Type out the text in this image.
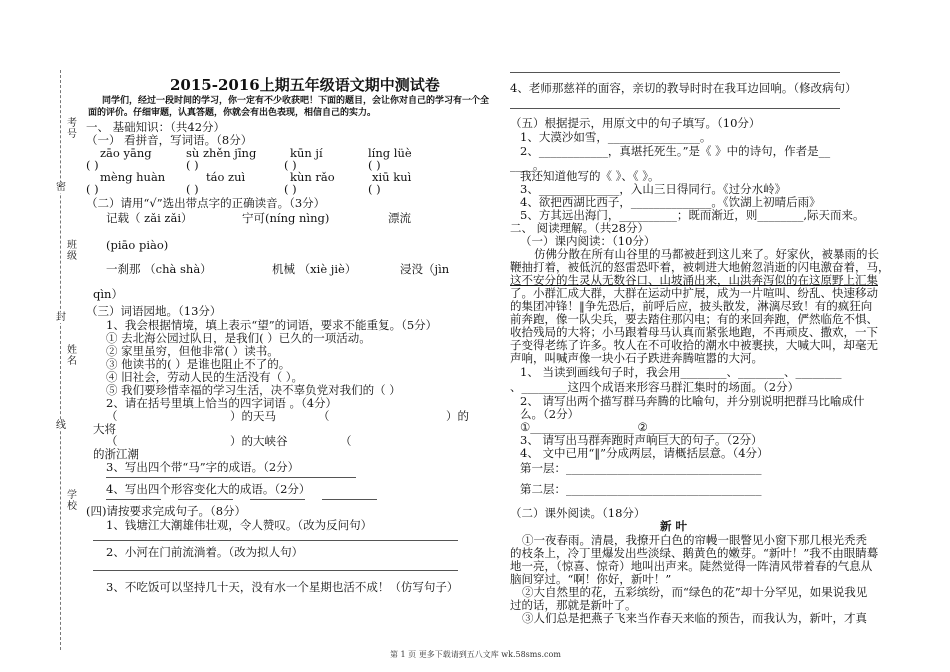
考号
密
班级
封
姓名
线
学校
2015-2016上期五年级语文期中测试卷
同学们，经过一段时间的学习，你一定有不少收获吧！下面的题目，会让你对自己的学习有一个全
面的评价。仔细审题，认真答题，你就会有出色表现，相信自己的实力。
一、 基础知识：（共42分）
（一） 看拼音，写词语。（8分）
zāo yāng	sù zhěn jīng	kūn jí	líng lüè
( )	( )	( )	( )
mèng huàn	táo zuì	kùn rǎo	xiū kuì
( )	( )	( )	( )
（二）请用“√”选出带点字的正确读音。（3分）
记载（ zǎi zǎi）	宁可(níng nìng)	漂流
(piāo piào)
一刹那 （chà shà）	机械 （xiè jiè）	浸没（jìn
qìn）
（三）词语园地。（13分）
1、我会根据情境，填上表示“望”的词语，要求不能重复。（5分）
① 去北海公园过队日，是我们( ）已久的一项活动。
② 家里虽穷，但他非常( ）读书。
③ 他读书的( ）是谁也阻止不了的。
④ 旧社会，劳动人民的生活没有（ ）。
⑤ 我们要珍惜幸福的学习生活，决不辜负党对我们的（ ）
2、请在括号里填上恰当的四字词语 。（4分）
（	）的天马	（	）的
大将
（	）的大峡谷	（
的浙江潮
3、写出四个带“马”字的成语。（2分）
4、写出四个形容变化大的成语。（2分）
(四)请按要求完成句子。（8分）
1、钱塘江大潮雄伟壮观，令人赞叹。（改为反问句）
2、小河在门前流淌着。（改为拟人句）
3、不吃饭可以坚持几十天，没有水一个星期也活不成！（仿写句子）
4、老师那慈祥的面容，亲切的教导时时在我耳边回响。（修改病句）
（五）根据提示，用原文中的句子填写。（10分）
1、大漠沙如雪，________________。
2、____________，真堪托死生。”是《 》中的诗句，作者是__
____。
我还知道他写的《 》、《 》。
3、______________，入山三日得同行。《过分水岭》
4、欲把西湖比西子，______________。《饮湖上初晴后雨》
5、方其远出海门，__________；既而渐近，则________,际天而来。
二、 阅读理解。（共28分）
（一）课内阅读：（10分）
仿佛分散在所有山谷里的马都被赶到这儿来了。好家伙，被暴雨的长
鞭抽打着，被低沉的怒雷恐吓着，被刺进大地俯忽消逝的闪电激奋着，马，
这不安分的生灵从无数谷口、山坡涌出来，山洪奔泻似的在这原野上汇集
了。小群汇成大群，大群在运动中扩展，成为一片喧叫、纷乱、快速移动
的集团冲锋！‖争先恐后，前呼后应，披头散发，淋漓尽致！有的疯狂向
前奔跑，像一队尖兵，要去踏住那闪电；有的来回奔跑，俨然临危不惧、
收拾残局的大将；小马跟着母马认真而紧张地跑，不再顽皮、撒欢，一下
子变得老练了许多。牧人在不可收拾的潮水中被裹挟，大喊大叫，却毫无
声响，叫喊声像一块小石子跌进奔腾喧嚣的大河。
1、 当读到画线句子时，我会用________、________、________
、________这四个成语来形容马群汇集时的场面。（2分）
2、 请写出两个描写群马奔腾的比喻句，并分别说明把群马比喻成什
么。（2分）
①__________________ ②__________________
3、 请写出马群奔跑时声响巨大的句子。（2分）
4、 文中已用“‖”分成两层，请概括层意。（4分）
第一层：__________________________________
第二层：__________________________________
（二）课外阅读。（18分）
新 叶
①一夜春雨。清晨，我撩开白色的帘幔一眼瞥见小窗下那几根光秃秃
的枝条上，冷丁里爆发出些淡绿、鹅黄色的嫩芽。“新叶！”我不由眼睛蓦
地一亮，（惊喜、惊奇）地叫出声来。陡然觉得一阵清风带着春的气息从
脑间穿过。“啊！你好，新叶！”
②大自然里的花，五彩缤纷，而“绿色的花”却十分罕见，如果说我见
过的话，那就是新叶了。
③人们总是把燕子飞来当作春天来临的预告，而我认为，新叶，才真
第 1 页 更多下载请到五八文库 wk.58sms.com
